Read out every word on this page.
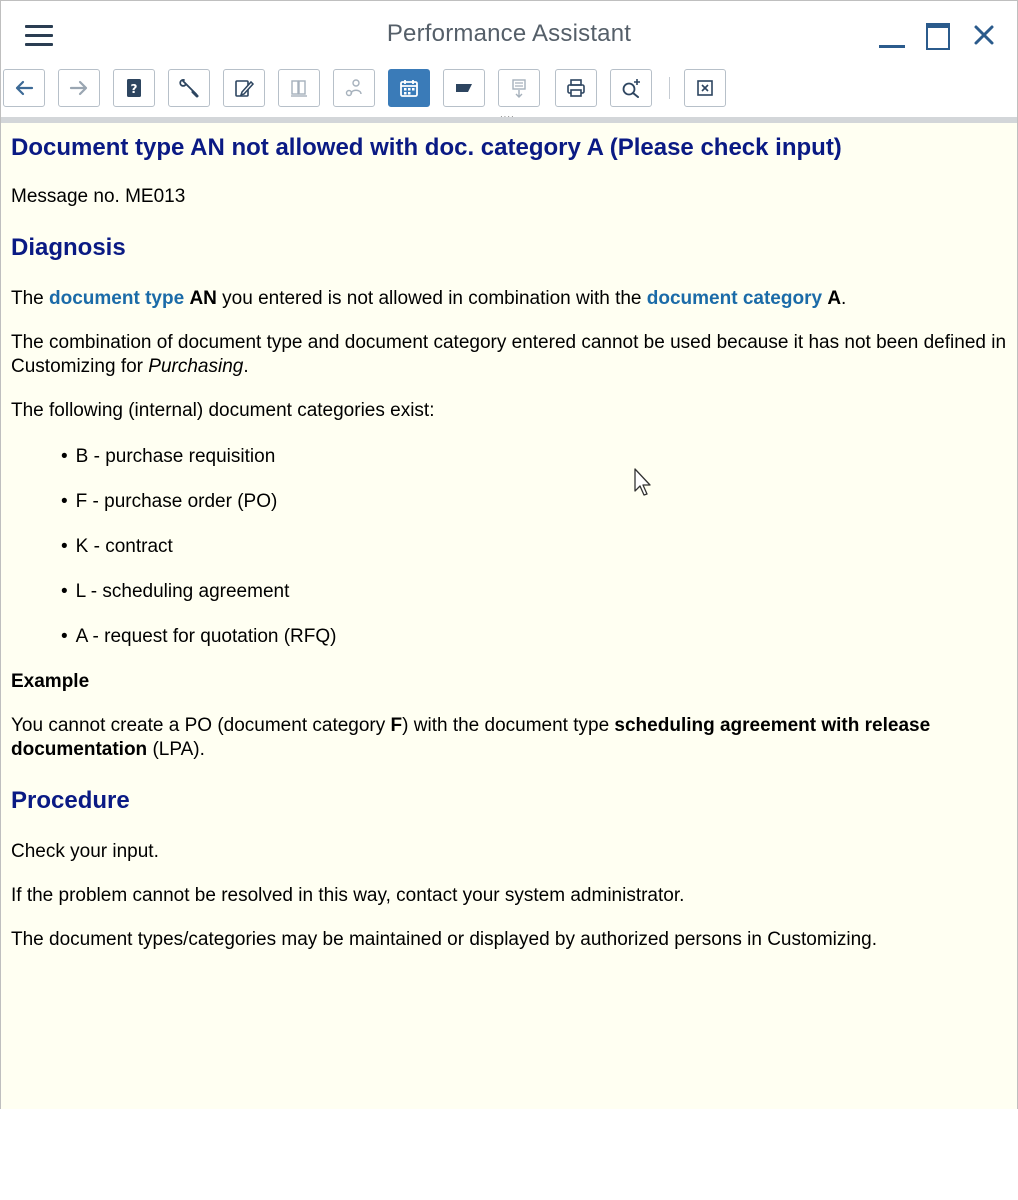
Performance Assistant
?
····
Document type AN not allowed with doc. category A (Please check input)

Message no. ME013

Diagnosis

The document type AN you entered is not allowed in combination with the document category A.

The combination of document type and document category entered cannot be used because it has not been defined in Customizing for Purchasing.

The following (internal) document categories exist:

• B - purchase requisition
• F - purchase order (PO)
• K - contract
• L - scheduling agreement
• A - request for quotation (RFQ)

Example

You cannot create a PO (document category F) with the document type scheduling agreement with release documentation (LPA).

Procedure

Check your input.

If the problem cannot be resolved in this way, contact your system administrator.

The document types/categories may be maintained or displayed by authorized persons in Customizing.
